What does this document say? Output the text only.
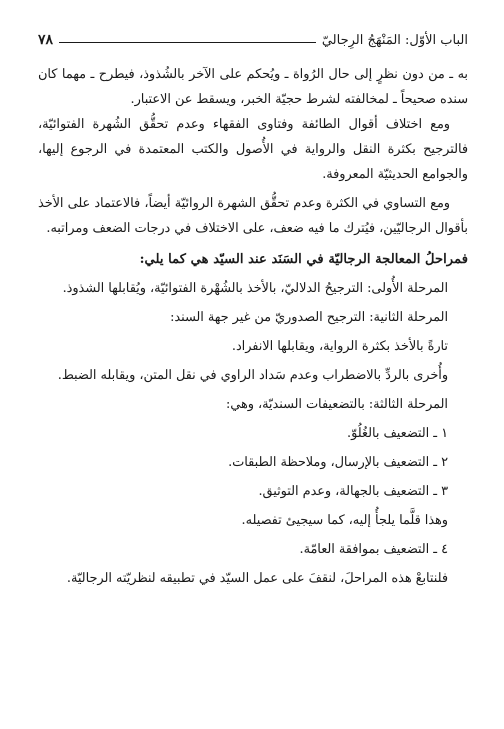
الباب الأوّل: المَنْهَجُ الرِجاليّ
٧٨

به ـ من دون نظرٍ إلى حال الرُواة ـ ويُحكم على الآخر بالشُذوذ، فيطرح ـ مهما كان سنده صحيحاً ـ لمخالفته لشرط حجيّة الخبر، ويسقط عن الاعتبار.

ومع اختلاف أقوال الطائفة وفتاوى الفقهاء وعدم تحقُّق الشُهرة الفتوائيّة، فالترجيح بكثرة النقل والرواية في الأُصول والكتب المعتمدة في الرجوع إليها، والجوامع الحديثيّة المعروفة.

ومع التساوي في الكثرة وعدم تحقُّق الشهرة الروائيّة أيضاً، فالاعتماد على الأخذ بأقوال الرجاليّين، فيُترك ما فيه ضعف، على الاختلاف في درجات الضعف ومراتبه.

فمراحلُ المعالجة الرجاليّة في السَنَد عند السيّد هي كما يلي:

المرحلة الأُولى: الترجيحُ الدلاليّ، بالأخذ بالشُهْرة الفتوائيّة، ويُقابلها الشذوذ.

المرحلة الثانية: الترجيح الصدوريّ من غير جهة السند:

تارةً بالأخذ بكثرة الرواية، ويقابلها الانفراد.

وأُخرى بالردِّ بالاضطراب وعدم سَداد الراوي في نقل المتن، ويقابله الضبط.

المرحلة الثالثة: بالتضعيفات السنديّة، وهي:

١ ـ التضعيف بالغُلُوّ.

٢ ـ التضعيف بالإرسال، وملاحظة الطبقات.

٣ ـ التضعيف بالجهالة، وعدم التوثيق.

وهذا قلَّما يلجأُ إليه، كما سيجيئ تفصيله.

٤ ـ التضعيف بموافقة العامّة.

فلنتابعْ هذه المراحلَ، لنقفَ على عمل السيّد في تطبيقه لنظريّته الرجاليّة.
